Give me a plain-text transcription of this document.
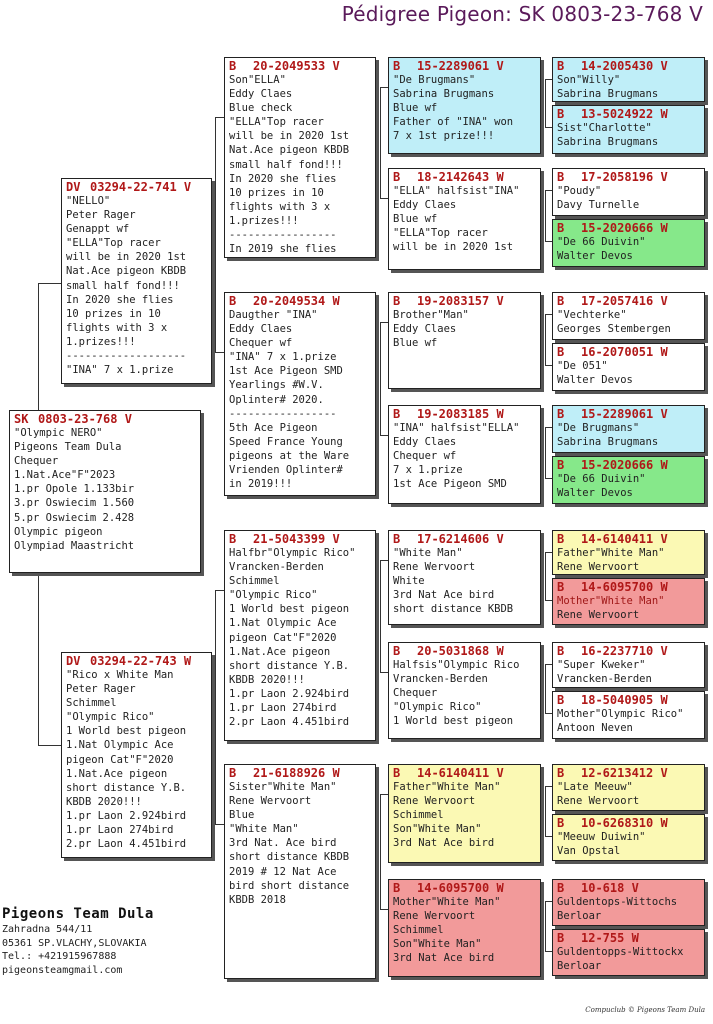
Pédigree Pigeon: SK 0803-23-768 V
SK 0803-23-768 V
"Olympic NERO"
Pigeons Team Dula
Chequer
1.Nat.Ace"F"2023
1.pr Opole 1.133bir
3.pr Oswiecim 1.560
5.pr Oswiecim 2.428
Olympic pigeon
Olympiad Maastricht
DV 03294-22-741 V
"NELLO"
Peter Rager
Genappt wf
"ELLA"Top racer
will be in 2020 1st
Nat.Ace pigeon KBDB
small half fond!!!
In 2020 she flies
10 prizes in 10
flights with 3 x
1.prizes!!!
-------------------
"INA" 7 x 1.prize
DV 03294-22-743 W
"Rico x White Man
Peter Rager
Schimmel
"Olympic Rico"
1 World best pigeon
1.Nat Olympic Ace
pigeon Cat"F"2020
1.Nat.Ace pigeon
short distance Y.B.
KBDB 2020!!!
1.pr Laon 2.924bird
1.pr Laon 274bird
2.pr Laon 4.451bird
B 20-2049533 V
Son"ELLA"
Eddy Claes
Blue check
"ELLA"Top racer
will be in 2020 1st
Nat.Ace pigeon KBDB
small half fond!!!
In 2020 she flies
10 prizes in 10
flights with 3 x
1.prizes!!!
-----------------
In 2019 she flies
B 20-2049534 W
Daugther "INA"
Eddy Claes
Chequer wf
"INA" 7 x 1.prize
1st Ace Pigeon SMD
Yearlings #W.V.
Oplinter# 2020.
-----------------
5th Ace Pigeon
Speed France Young
pigeons at the Ware
Vrienden Oplinter#
in 2019!!!
B 21-5043399 V
Halfbr"Olympic Rico"
Vrancken-Berden
Schimmel
"Olympic Rico"
1 World best pigeon
1.Nat Olympic Ace
pigeon Cat"F"2020
1.Nat.Ace pigeon
short distance Y.B.
KBDB 2020!!!
1.pr Laon 2.924bird
1.pr Laon 274bird
2.pr Laon 4.451bird
B 21-6188926 W
Sister"White Man"
Rene Wervoort
Blue
"White Man"
3rd Nat. Ace bird
short distance KBDB
2019 # 12 Nat Ace
bird short distance
KBDB 2018
B 15-2289061 V
"De Brugmans"
Sabrina Brugmans
Blue wf
Father of "INA" won
7 x 1st prize!!!
B 18-2142643 W
"ELLA" halfsist"INA"
Eddy Claes
Blue wf
"ELLA"Top racer
will be in 2020 1st
B 19-2083157 V
Brother"Man"
Eddy Claes
Blue wf
B 19-2083185 W
"INA" halfsist"ELLA"
Eddy Claes
Chequer wf
7 x 1.prize
1st Ace Pigeon SMD
B 17-6214606 V
"White Man"
Rene Wervoort
White
3rd Nat Ace bird
short distance KBDB
B 20-5031868 W
Halfsis"Olympic Rico
Vrancken-Berden
Chequer
"Olympic Rico"
1 World best pigeon
B 14-6140411 V
Father"White Man"
Rene Wervoort
Schimmel
Son"White Man"
3rd Nat Ace bird
B 14-6095700 W
Mother"White Man"
Rene Wervoort
Schimmel
Son"White Man"
3rd Nat Ace bird
B 14-2005430 V
Son"Willy"
Sabrina Brugmans
B 13-5024922 W
Sist"Charlotte"
Sabrina Brugmans
B 17-2058196 V
"Poudy"
Davy Turnelle
B 15-2020666 W
"De 66 Duivin"
Walter Devos
B 17-2057416 V
"Vechterke"
Georges Stembergen
B 16-2070051 W
"De 051"
Walter Devos
B 15-2289061 V
"De Brugmans"
Sabrina Brugmans
B 15-2020666 W
"De 66 Duivin"
Walter Devos
B 14-6140411 V
Father"White Man"
Rene Wervoort
B 14-6095700 W
Mother"White Man"
Rene Wervoort
B 16-2237710 V
"Super Kweker"
Vrancken-Berden
B 18-5040905 W
Mother"Olympic Rico"
Antoon Neven
B 12-6213412 V
"Late Meeuw"
Rene Wervoort
B 10-6268310 W
"Meeuw Duiwin"
Van Opstal
B 10-618 V
Guldentops-Wittochs
Berloar
B 12-755 W
Guldentopps-Wittockx
Berloar
Pigeons Team Dula
Zahradna 544/11
05361 SP.VLACHY,SLOVAKIA
Tel.: +421915967888
pigeonsteamgmail.com
Compuclub © Pigeons Team Dula
